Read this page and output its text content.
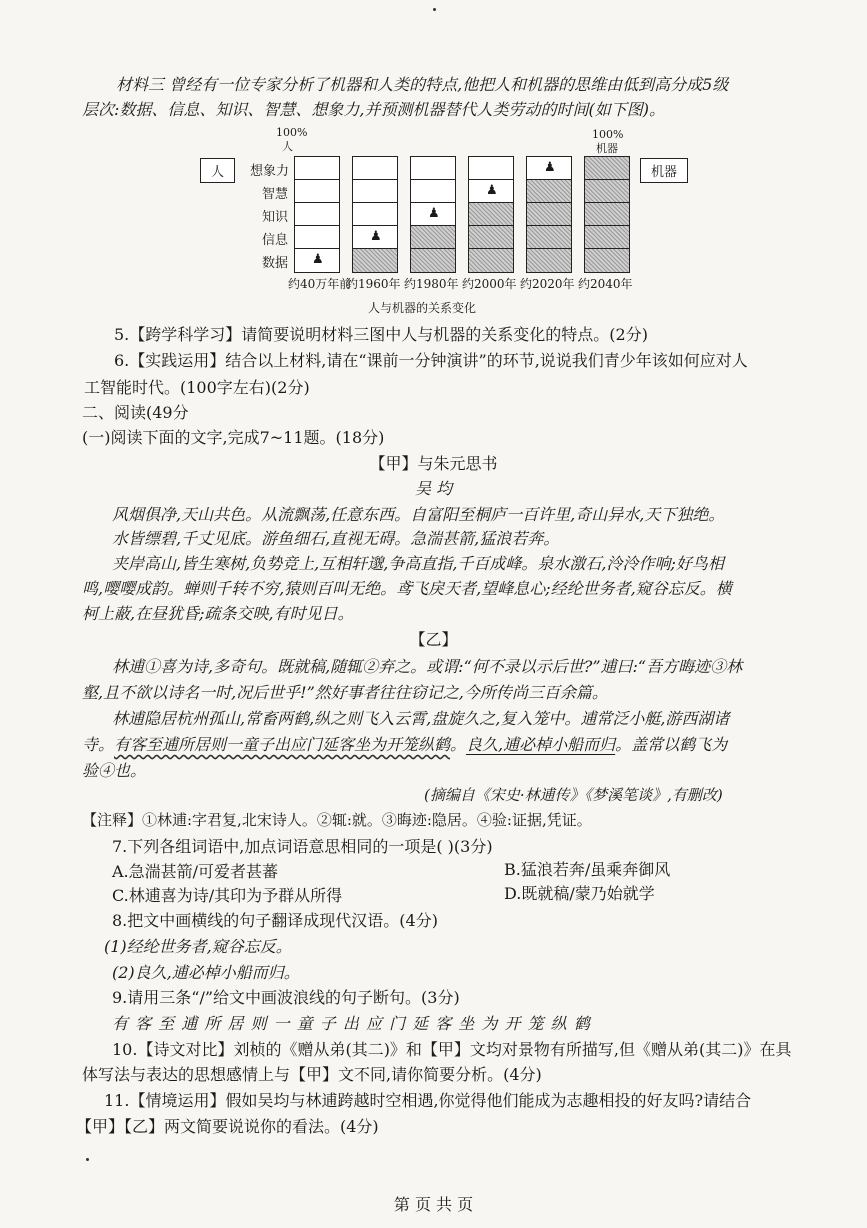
材料三 曾经有一位专家分析了机器和人类的特点,他把人和机器的思维由低到高分成5级
层次:数据、信息、知识、智慧、想象力,并预测机器替代人类劳动的时间(如下图)。
100%
人
100%
机器
人	机器
数据
信息
知识
智慧
想象力
♟
♟
♟
♟
♟
约40万年前
约1960年 约1980年 约2000年 约2020年 约2040年
人与机器的关系变化
5.【跨学科学习】请简要说明材料三图中人与机器的关系变化的特点。(2分)
6.【实践运用】结合以上材料,请在“课前一分钟演讲”的环节,说说我们青少年该如何应对人
工智能时代。(100字左右)(2分)
二、阅读(49分
(一)阅读下面的文字,完成7~11题。(18分)
【甲】与朱元思书
吴 均
风烟俱净,天山共色。从流飘荡,任意东西。自富阳至桐庐一百许里,奇山异水,天下独绝。
水皆缥碧,千丈见底。游鱼细石,直视无碍。急湍甚箭,猛浪若奔。
夹岸高山,皆生寒树,负势竞上,互相轩邈,争高直指,千百成峰。泉水激石,泠泠作响;好鸟相
鸣,嘤嘤成韵。蝉则千转不穷,猿则百叫无绝。鸢飞戾天者,望峰息心;经纶世务者,窥谷忘反。横
柯上蔽,在昼犹昏;疏条交映,有时见日。
【乙】
林逋①喜为诗,多奇句。既就稿,随辄②弃之。或谓:“何不录以示后世?”逋曰:“吾方晦迹③林
壑,且不欲以诗名一时,况后世乎!”然好事者往往窃记之,今所传尚三百余篇。
林逋隐居杭州孤山,常畜两鹤,纵之则飞入云霄,盘旋久之,复入笼中。逋常泛小艇,游西湖诸
寺。有客至逋所居则一童子出应门延客坐为开笼纵鹤。良久,逋必棹小船而归。盖常以鹤飞为
验④也。
(摘编自《宋史·林逋传》《梦溪笔谈》,有删改)
【注释】①林逋:字君复,北宋诗人。②辄:就。③晦迹:隐居。④验:证据,凭证。
7.下列各组词语中,加点词语意思相同的一项是( )(3分)
A.急湍甚箭/可爱者甚蕃	B.猛浪若奔/虽乘奔御风
C.林逋喜为诗/其印为予群从所得	D.既就稿/蒙乃始就学
8.把文中画横线的句子翻译成现代汉语。(4分)
(1)经纶世务者,窥谷忘反。
(2)良久,逋必棹小船而归。
9.请用三条“/”给文中画波浪线的句子断句。(3分)
有 客 至 逋 所 居 则 一 童 子 出 应 门 延 客 坐 为 开 笼 纵 鹤
10.【诗文对比】刘桢的《赠从弟(其二)》和【甲】文均对景物有所描写,但《赠从弟(其二)》在具
体写法与表达的思想感情上与【甲】文不同,请你简要分析。(4分)
11.【情境运用】假如吴均与林逋跨越时空相遇,你觉得他们能成为志趣相投的好友吗?请结合
【甲】【乙】两文简要说说你的看法。(4分)
第 页 共 页
